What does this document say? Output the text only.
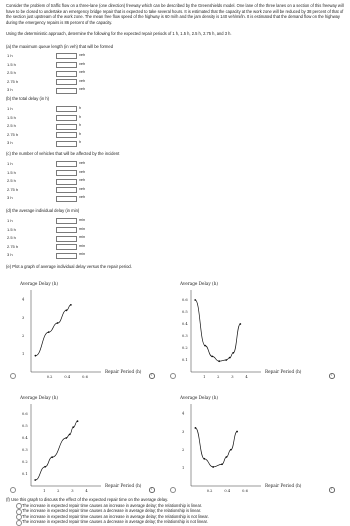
Consider the problem of traffic flow on a three-lane (one direction) freeway which can be described by the Greenshields model. One lane of the three lanes on a section of this freeway will have to be closed to undertake an emergency bridge repair that is expected to take several hours. It is estimated that the capacity at the work zone will be reduced by 38 percent of that of the section just upstream of the work zone. The mean free flow speed of the highway is 60 mi/h and the jam density is 140 veh/mi/ln. It is estimated that the demand flow on the highway during the emergency repairs is 86 percent of the capacity.
Using the deterministic approach, determine the following for the expected repair periods of 1 h, 1.5 h, 2.5 h, 2.75 h, and 3 h.
(a) the maximum queue length (in veh) that will be formed
(b) the total delay (in h)
(c) the number of vehicles that will be affected by the incident
(d) the average individual delay (in min)
(e) Plot a graph of average individual delay versus the repair period.
1 h	veh
1.5 h	veh
2.5 h	veh
2.75 h	veh
3 h	veh
1 h	h
1.5 h	h
2.5 h	h
2.75 h	h
3 h	h
1 h	veh
1.5 h	veh
2.5 h	veh
2.75 h	veh
3 h	veh
1 h	min
1.5 h	min
2.5 h	min
2.75 h	min
3 h	min
Average Delay (h)
Repair Period (h)
0.2	0.4	0.6
1
2
3
4
Average Delay (h)
Repair Period (h)
1	2	3	4
0.1
0.2
0.3
0.4
0.5
0.6
Average Delay (h)
Repair Period (h)
1	2	3	4
0.1
0.2
0.3
0.4
0.5
0.6
Average Delay (h)
Repair Period (h)
0.2	0.4	0.6
1
2
3
4
i	i
i	i
(f) Use this graph to discuss the effect of the expected repair time on the average delay.
The increase in expected repair time causes an increase in average delay; the relationship is linear.
The increase in expected repair time causes a decrease in average delay; the relationship is linear.
The increase in expected repair time causes an increase in average delay; the relationship is not linear.
The increase in expected repair time causes a decrease in average delay; the relationship is not linear.
